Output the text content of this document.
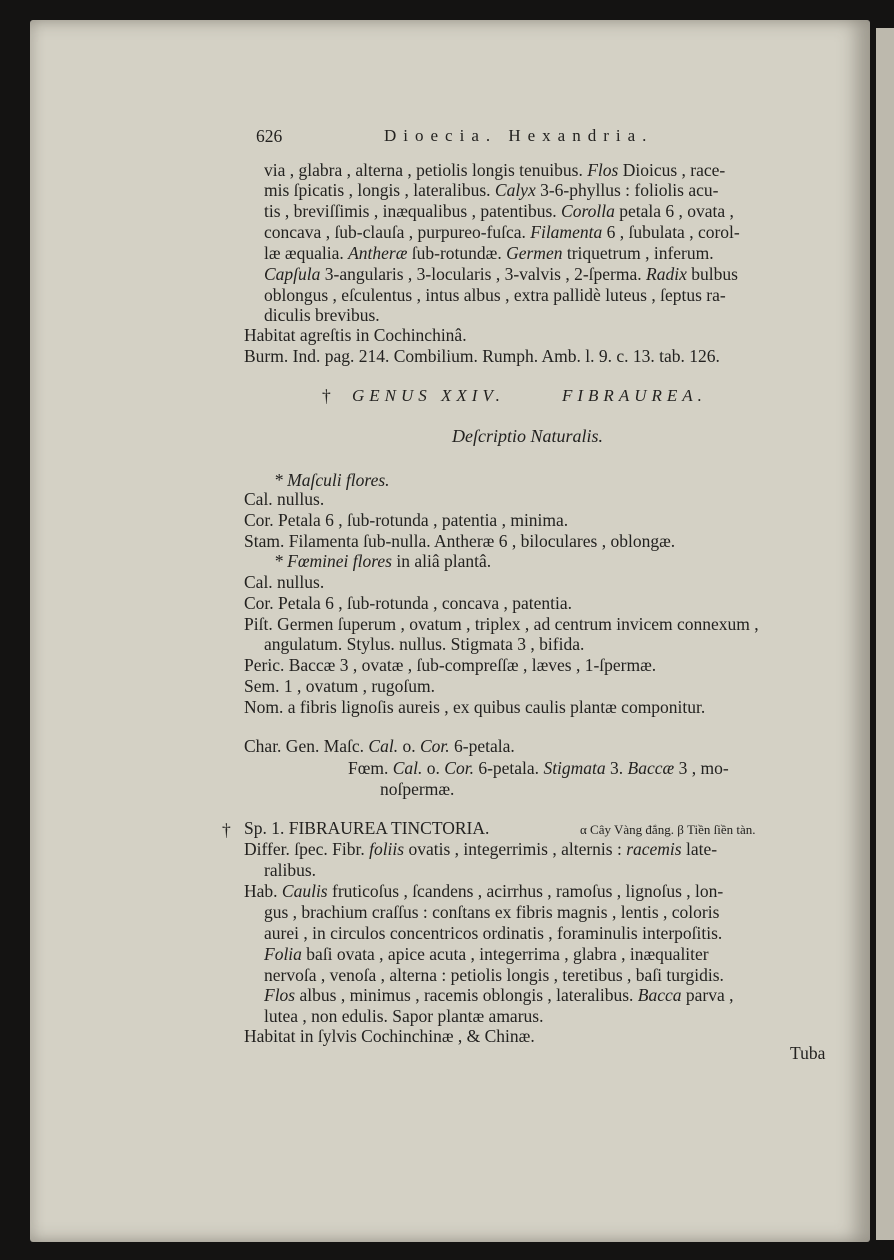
626	Dioecia. Hexandria.
via , glabra , alterna , petiolis longis tenuibus. Flos Dioicus , race-
mis ſpicatis , longis , lateralibus. Calyx 3-6-phyllus : foliolis acu-
tis , breviſſimis , inæqualibus , patentibus. Corolla petala 6 , ovata ,
concava , ſub-clauſa , purpureo-fuſca. Filamenta 6 , ſubulata , corol-
læ æqualia. Antheræ ſub-rotundæ. Germen triquetrum , inferum.
Capſula 3-angularis , 3-locularis , 3-valvis , 2-ſperma. Radix bulbus
oblongus , eſculentus , intus albus , extra pallidè luteus , ſeptus ra-
diculis brevibus.
Habitat agreſtis in Cochinchinâ.
Burm. Ind. pag. 214. Combilium. Rumph. Amb. l. 9. c. 13. tab. 126.
† GENUS XXIV.	FIBRAUREA.
Deſcriptio Naturalis.
* Maſculi flores.
Cal. nullus.
Cor. Petala 6 , ſub-rotunda , patentia , minima.
Stam. Filamenta ſub-nulla. Antheræ 6 , biloculares , oblongæ.
* Fœminei flores in aliâ plantâ.
Cal. nullus.
Cor. Petala 6 , ſub-rotunda , concava , patentia.
Piſt. Germen ſuperum , ovatum , triplex , ad centrum invicem connexum ,
angulatum. Stylus. nullus. Stigmata 3 , bifida.
Peric. Baccæ 3 , ovatæ , ſub-compreſſæ , læves , 1-ſpermæ.
Sem. 1 , ovatum , rugoſum.
Nom. a fibris lignoſis aureis , ex quibus caulis plantæ componitur.
Char. Gen. Maſc. Cal. o. Cor. 6-petala.
Fœm. Cal. o. Cor. 6-petala. Stigmata 3. Baccæ 3 , mo-
noſpermæ.
† Sp. 1. FIBRAUREA TINCTORIA.	α Cây Vàng đắng. β Tiền ſiền tàn.
Differ. ſpec. Fibr. foliis ovatis , integerrimis , alternis : racemis late-
ralibus.
Hab. Caulis fruticoſus , ſcandens , acirrhus , ramoſus , lignoſus , lon-
gus , brachium craſſus : conſtans ex fibris magnis , lentis , coloris
aurei , in circulos concentricos ordinatis , foraminulis interpoſitis.
Folia baſi ovata , apice acuta , integerrima , glabra , inæqualiter
nervoſa , venoſa , alterna : petiolis longis , teretibus , baſi turgidis.
Flos albus , minimus , racemis oblongis , lateralibus. Bacca parva ,
lutea , non edulis. Sapor plantæ amarus.
Habitat in ſylvis Cochinchinæ , & Chinæ.
Tuba
